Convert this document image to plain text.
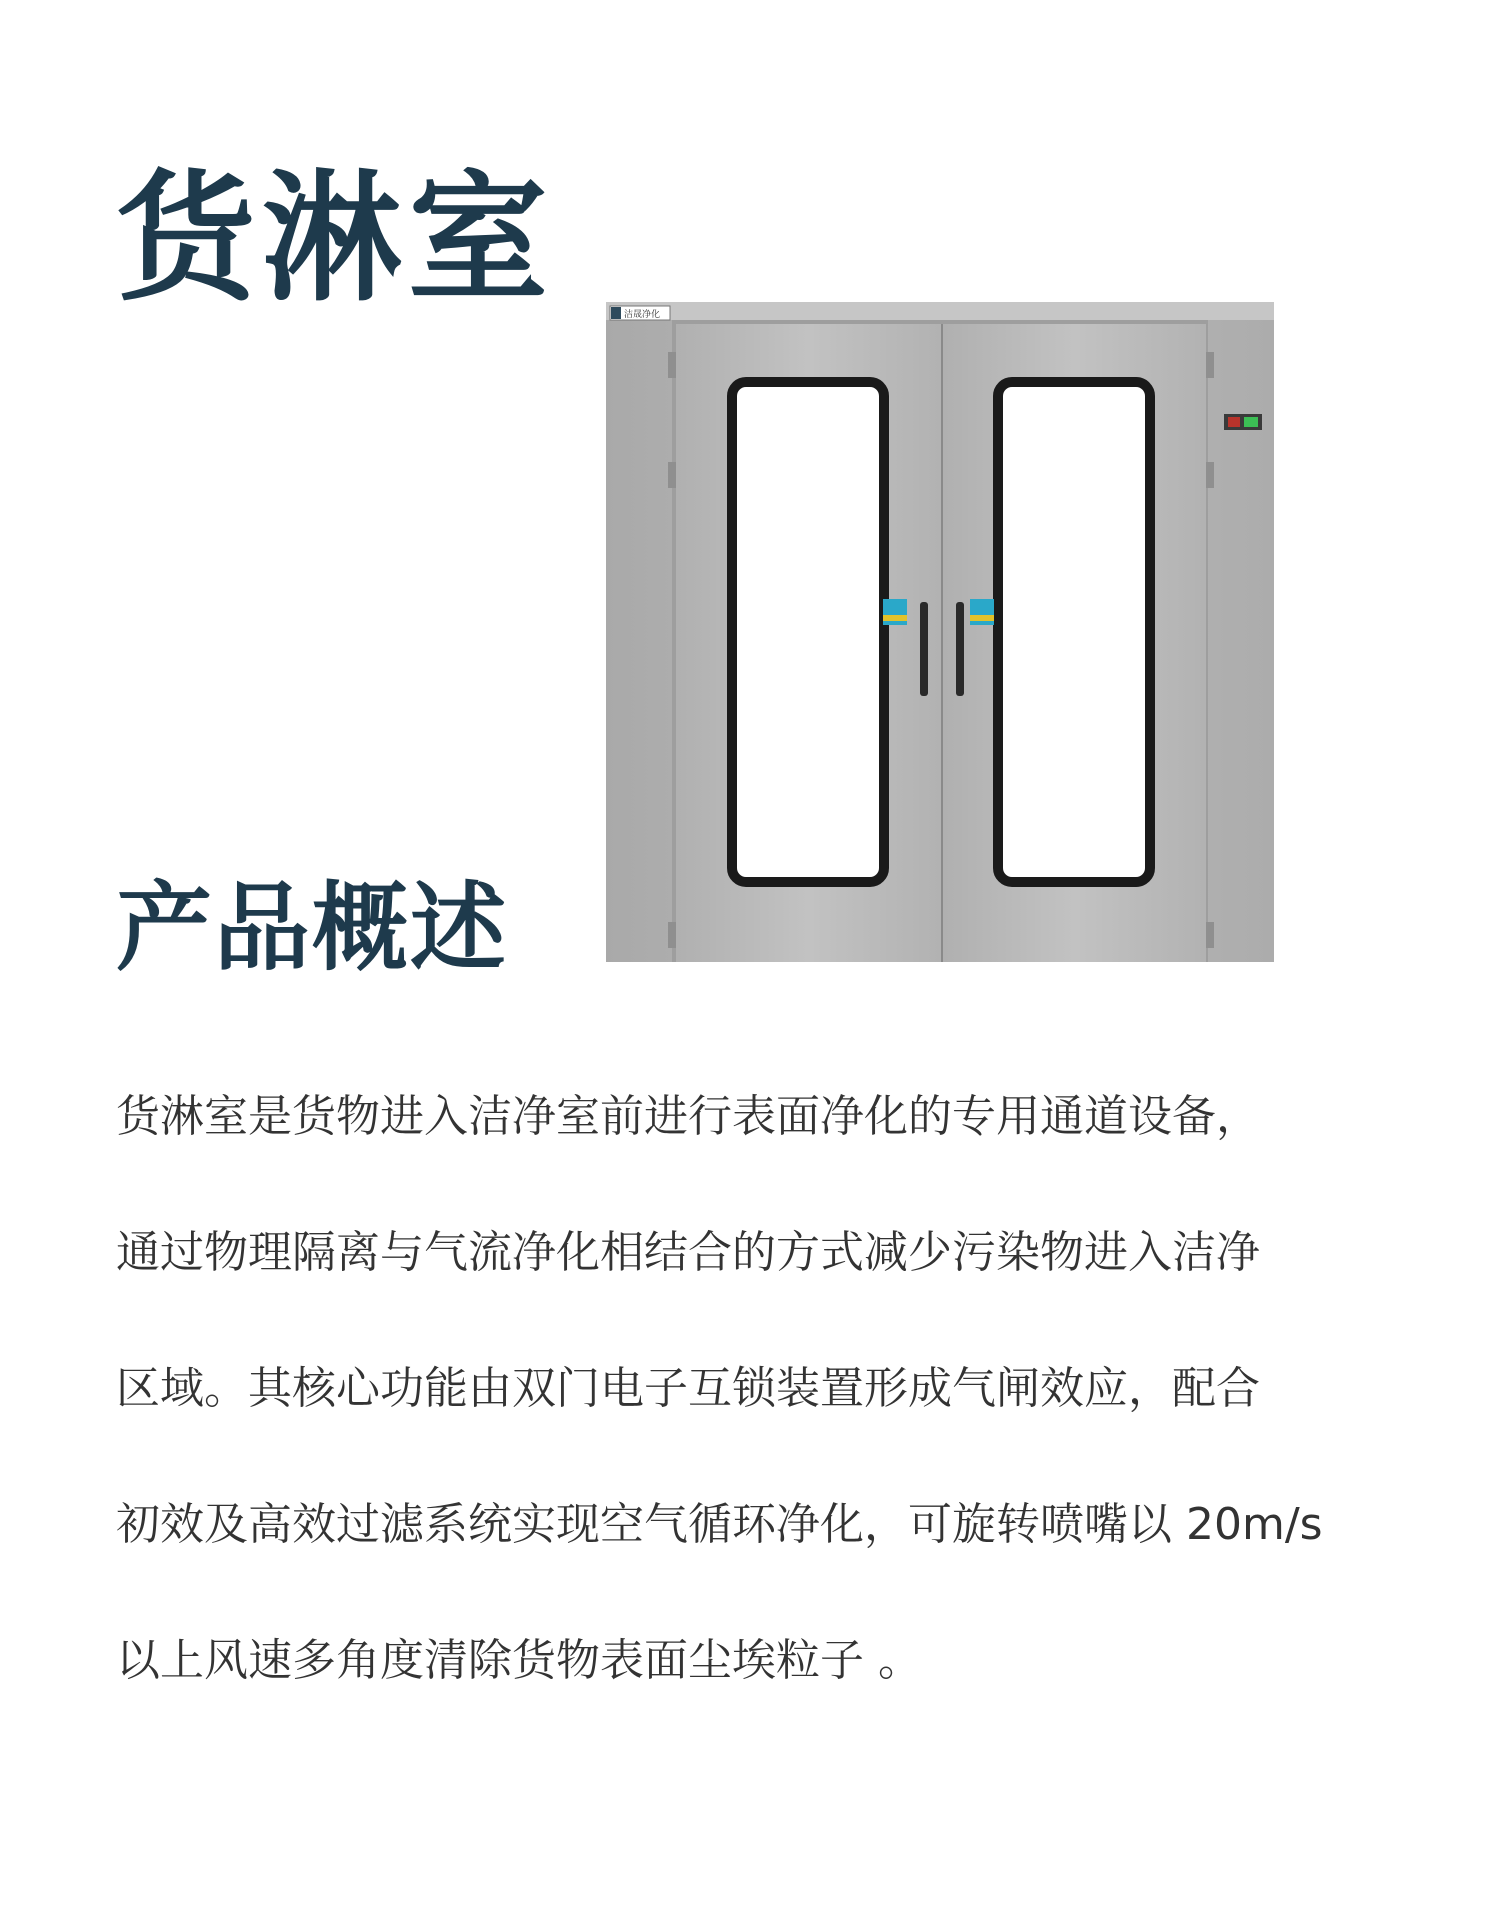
货淋室	洁晟净化
产品概述
货淋室是货物进入洁净室前进行表面净化的专用通道设备，
通过物理隔离与气流净化相结合的方式减少污染物进入洁净
区域。其核心功能由双门电子互锁装置形成气闸效应，配合
初效及高效过滤系统实现空气循环净化，可旋转喷嘴以 20m/s
以上风速多角度清除货物表面尘埃粒子 。
